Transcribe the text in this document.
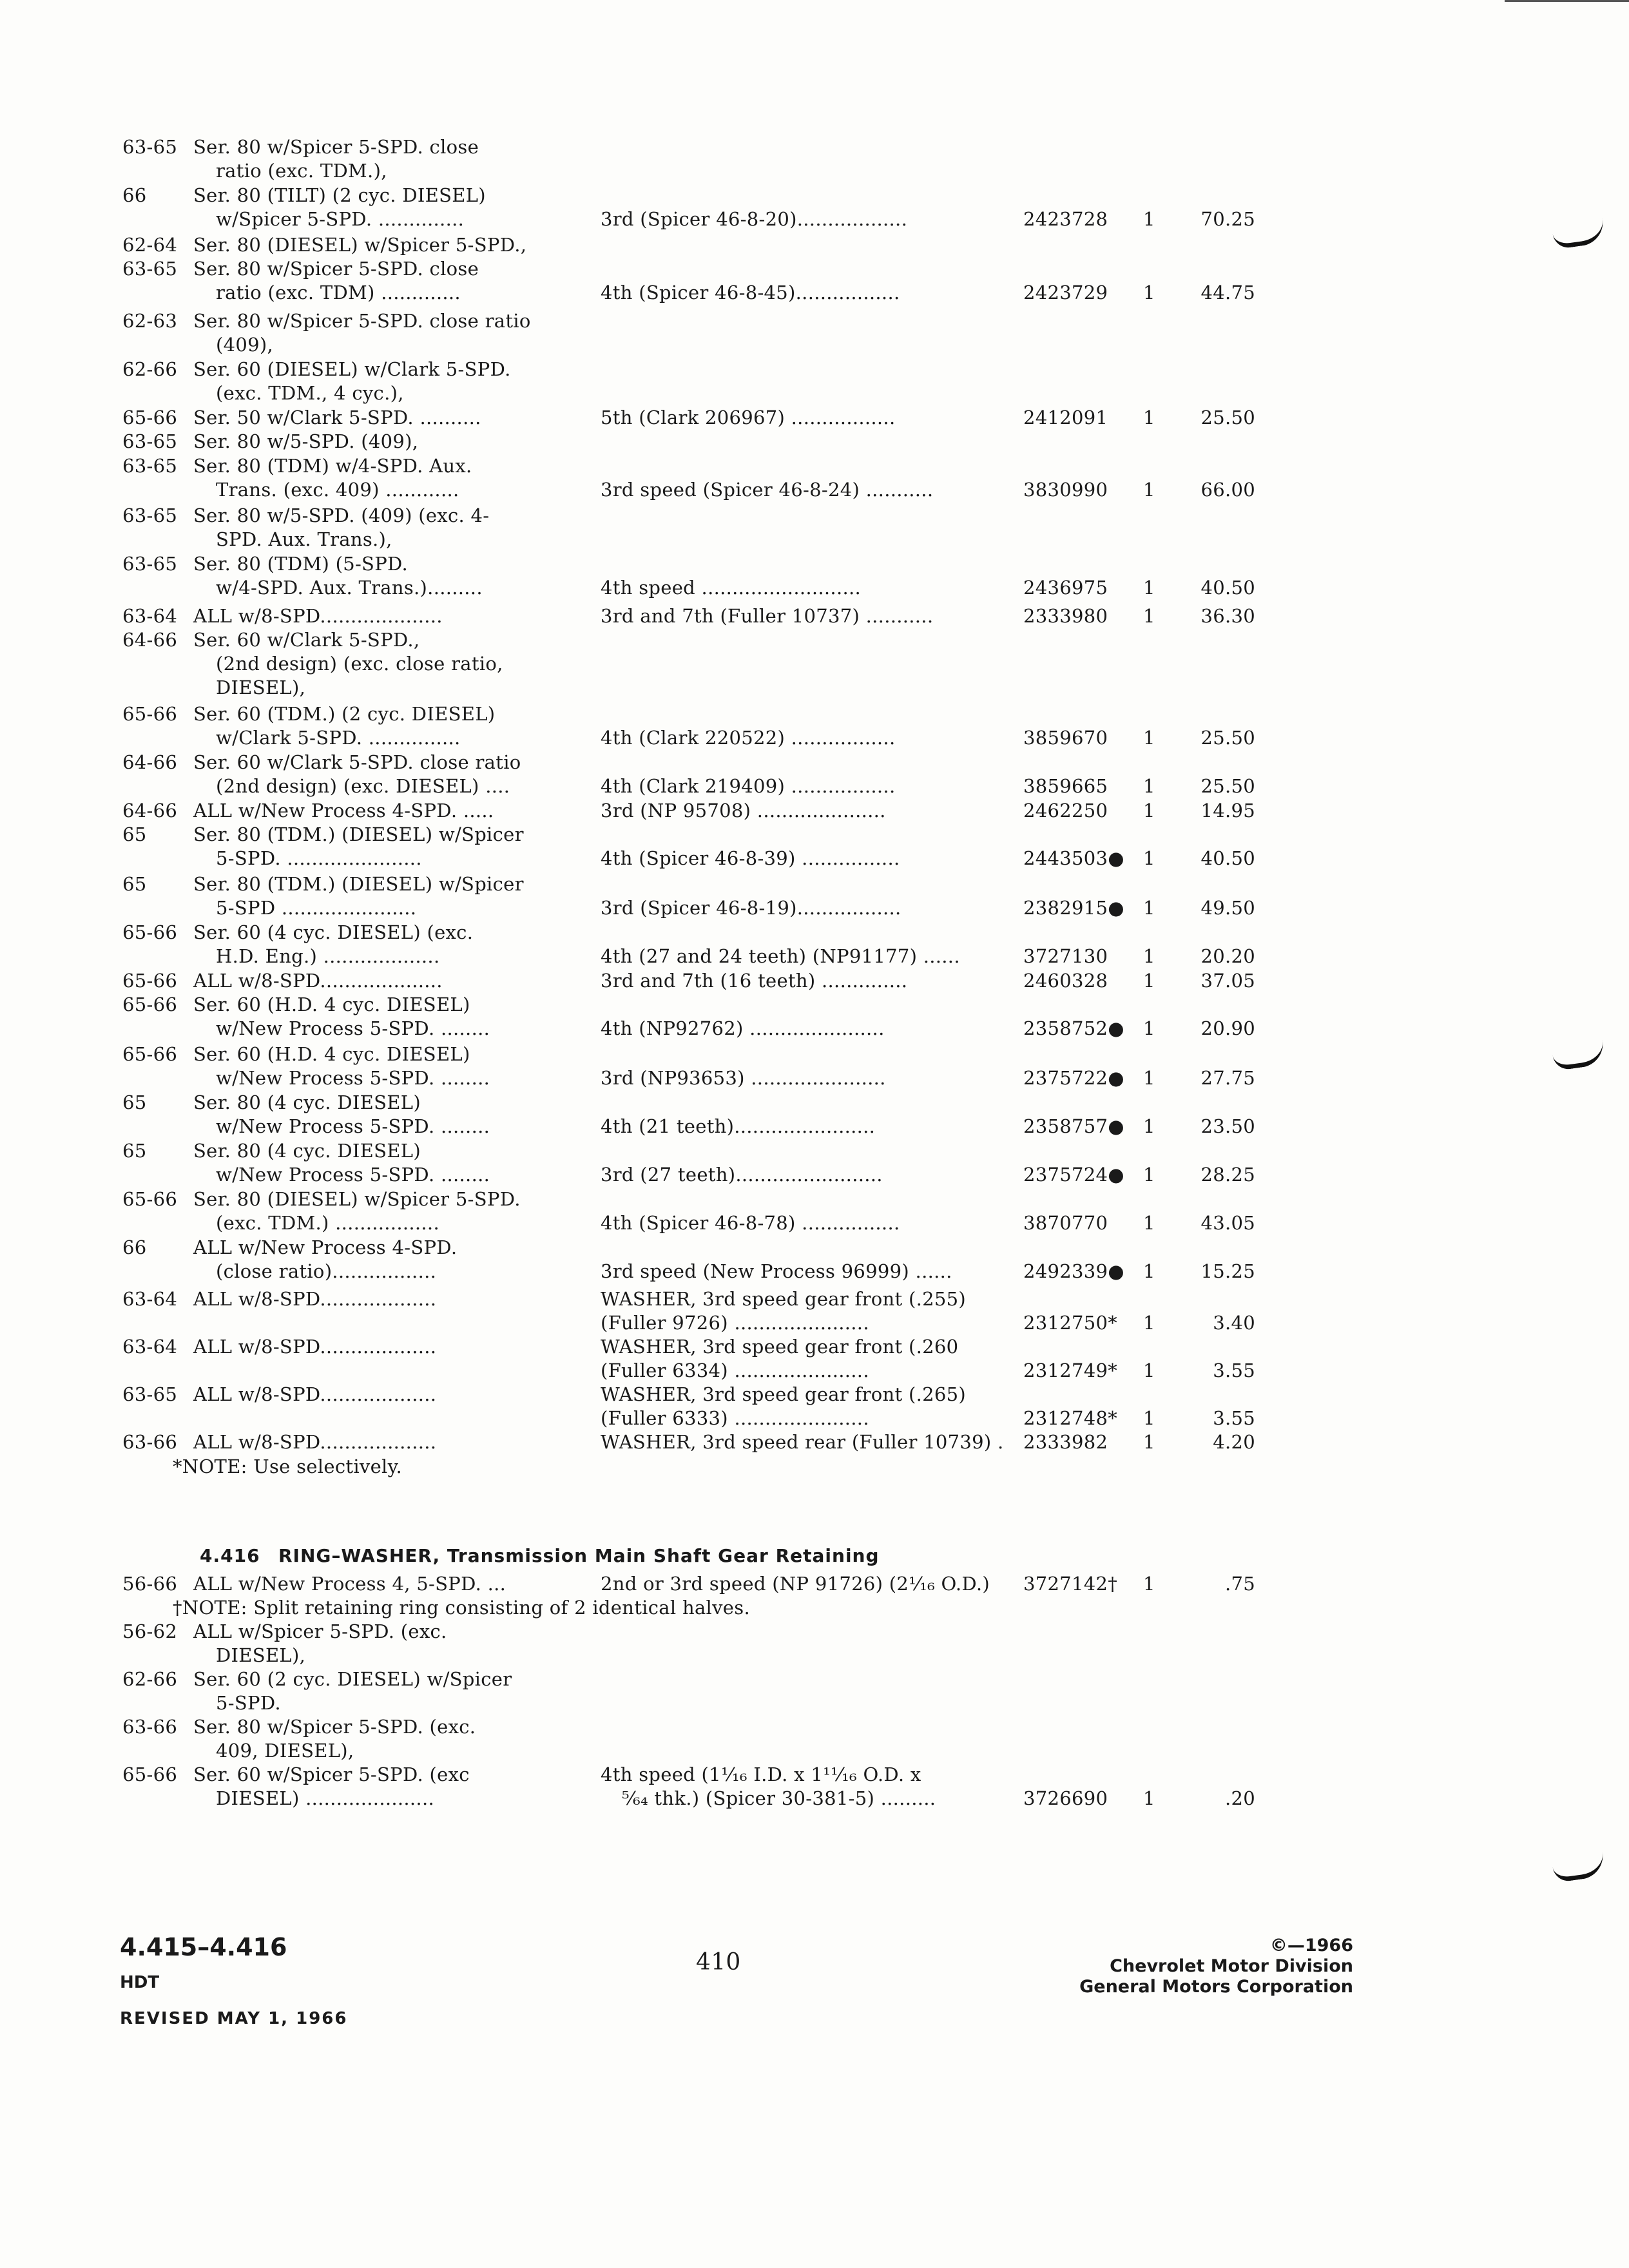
63-65 Ser. 80 w/Spicer 5-SPD. close
ratio (exc. TDM.),
66 Ser. 80 (TILT) (2 cyc. DIESEL)
w/Spicer 5-SPD. ..............	3rd (Spicer 46-8-20)..................	2423728 1 70.25
62-64 Ser. 80 (DIESEL) w/Spicer 5-SPD.,
63-65 Ser. 80 w/Spicer 5-SPD. close
ratio (exc. TDM) .............	4th (Spicer 46-8-45).................	2423729 1 44.75
62-63 Ser. 80 w/Spicer 5-SPD. close ratio
(409),
62-66 Ser. 60 (DIESEL) w/Clark 5-SPD.
(exc. TDM., 4 cyc.),
65-66 Ser. 50 w/Clark 5-SPD. ..........	5th (Clark 206967) .................	2412091 1 25.50
63-65 Ser. 80 w/5-SPD. (409),
63-65 Ser. 80 (TDM) w/4-SPD. Aux.
Trans. (exc. 409) ............	3rd speed (Spicer 46-8-24) ...........	3830990 1 66.00
63-65 Ser. 80 w/5-SPD. (409) (exc. 4-
SPD. Aux. Trans.),
63-65 Ser. 80 (TDM) (5-SPD.
w/4-SPD. Aux. Trans.).........	4th speed ..........................	2436975 1 40.50
63-64 ALL w/8-SPD....................	3rd and 7th (Fuller 10737) ...........	2333980 1 36.30
64-66 Ser. 60 w/Clark 5-SPD.,
(2nd design) (exc. close ratio,
DIESEL),
65-66 Ser. 60 (TDM.) (2 cyc. DIESEL)
w/Clark 5-SPD. ...............	4th (Clark 220522) .................	3859670 1 25.50
64-66 Ser. 60 w/Clark 5-SPD. close ratio
(2nd design) (exc. DIESEL) ....	4th (Clark 219409) .................	3859665 1 25.50
64-66 ALL w/New Process 4-SPD. .....	3rd (NP 95708) .....................	2462250 1 14.95
65 Ser. 80 (TDM.) (DIESEL) w/Spicer
5-SPD. ......................	4th (Spicer 46-8-39) ................	2443503● 1 40.50
65 Ser. 80 (TDM.) (DIESEL) w/Spicer
5-SPD ......................	3rd (Spicer 46-8-19).................	2382915● 1 49.50
65-66 Ser. 60 (4 cyc. DIESEL) (exc.
H.D. Eng.) ...................	4th (27 and 24 teeth) (NP91177) ......	3727130 1 20.20
65-66 ALL w/8-SPD....................	3rd and 7th (16 teeth) ..............	2460328 1 37.05
65-66 Ser. 60 (H.D. 4 cyc. DIESEL)
w/New Process 5-SPD. ........	4th (NP92762) ......................	2358752● 1 20.90
65-66 Ser. 60 (H.D. 4 cyc. DIESEL)
w/New Process 5-SPD. ........	3rd (NP93653) ......................	2375722● 1 27.75
65 Ser. 80 (4 cyc. DIESEL)
w/New Process 5-SPD. ........	4th (21 teeth).......................	2358757● 1 23.50
65 Ser. 80 (4 cyc. DIESEL)
w/New Process 5-SPD. ........	3rd (27 teeth)........................	2375724● 1 28.25
65-66 Ser. 80 (DIESEL) w/Spicer 5-SPD.
(exc. TDM.) .................	4th (Spicer 46-8-78) ................	3870770 1 43.05
66 ALL w/New Process 4-SPD.
(close ratio).................	3rd speed (New Process 96999) ......	2492339● 1 15.25
63-64 ALL w/8-SPD...................	WASHER, 3rd speed gear front (.255)
(Fuller 9726) ......................	2312750* 1	3.40
63-64 ALL w/8-SPD...................	WASHER, 3rd speed gear front (.260
(Fuller 6334) ......................	2312749* 1	3.55
63-65 ALL w/8-SPD...................	WASHER, 3rd speed gear front (.265)
(Fuller 6333) ......................	2312748* 1	3.55
63-66 ALL w/8-SPD...................	WASHER, 3rd speed rear (Fuller 10739) . 2333982 1	4.20
*NOTE: Use selectively.
4.416 RING–WASHER, Transmission Main Shaft Gear Retaining
56-66 ALL w/New Process 4, 5-SPD. ...	2nd or 3rd speed (NP 91726) (2¹⁄₁₆ O.D.) 3727142† 1	.75
†NOTE: Split retaining ring consisting of 2 identical halves.
56-62 ALL w/Spicer 5-SPD. (exc.
DIESEL),
62-66 Ser. 60 (2 cyc. DIESEL) w/Spicer
5-SPD.
63-66 Ser. 80 w/Spicer 5-SPD. (exc.
409, DIESEL),
65-66 Ser. 60 w/Spicer 5-SPD. (exc	4th speed (1¹⁄₁₆ I.D. x 1¹¹⁄₁₆ O.D. x
DIESEL) .....................	⁵⁄₆₄ thk.) (Spicer 30-381-5) .........	3726690 1	.20
4.415–4.416
HDT
REVISED MAY 1, 1966
410
©—1966
Chevrolet Motor Division
General Motors Corporation
